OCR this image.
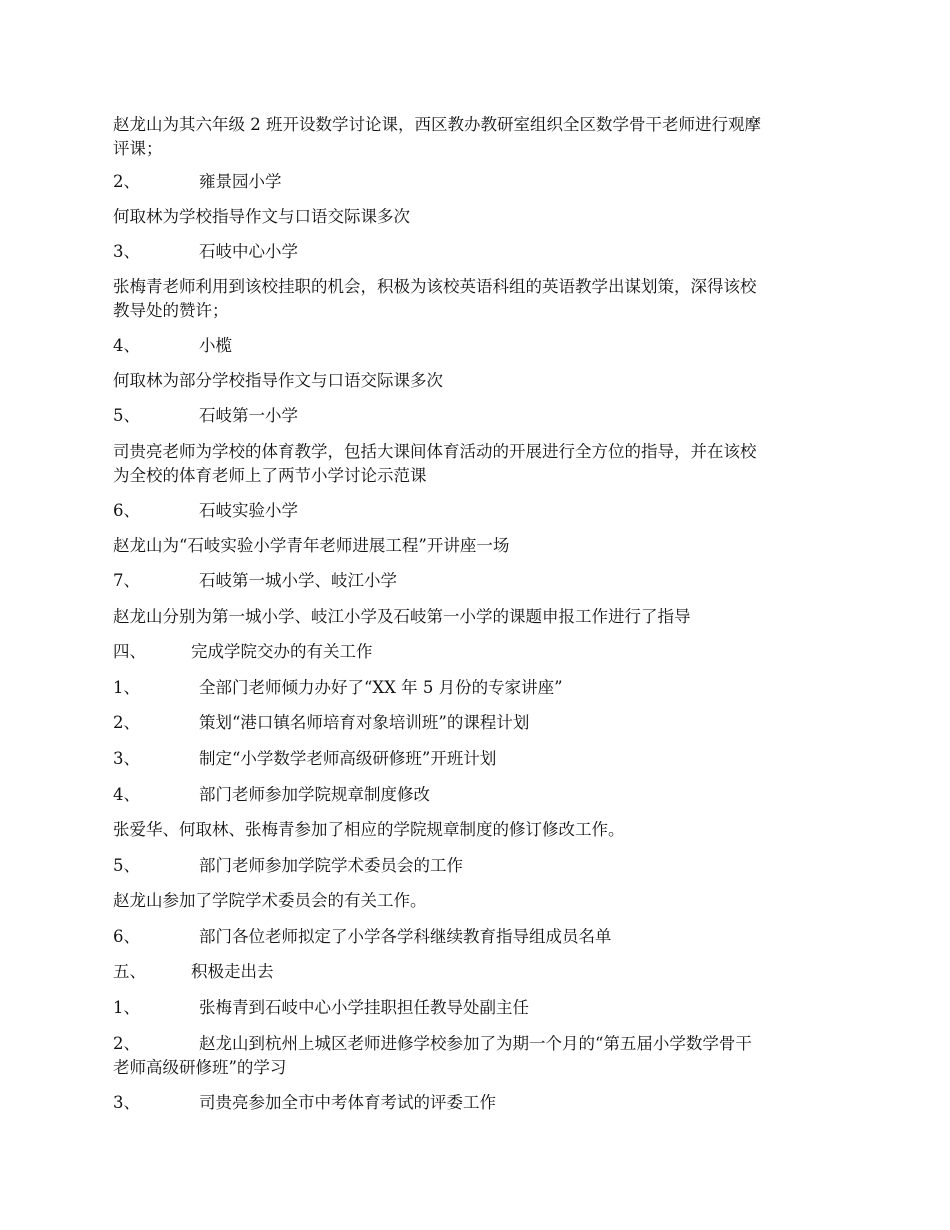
赵龙山为其六年级 2 班开设数学讨论课，西区教办教研室组织全区数学骨干老师进行观摩
评课；
2、	雍景园小学
何取林为学校指导作文与口语交际课多次
3、	石岐中心小学
张梅青老师利用到该校挂职的机会，积极为该校英语科组的英语教学出谋划策，深得该校
教导处的赞许；
4、	小榄
何取林为部分学校指导作文与口语交际课多次
5、	石岐第一小学
司贵亮老师为学校的体育教学，包括大课间体育活动的开展进行全方位的指导，并在该校
为全校的体育老师上了两节小学讨论示范课
6、	石岐实验小学
赵龙山为“石岐实验小学青年老师进展工程”开讲座一场
7、	石岐第一城小学、岐江小学
赵龙山分别为第一城小学、岐江小学及石岐第一小学的课题申报工作进行了指导
四、	完成学院交办的有关工作
1、	全部门老师倾力办好了“XX 年 5 月份的专家讲座”
2、	策划“港口镇名师培育对象培训班”的课程计划
3、	制定“小学数学老师高级研修班”开班计划
4、	部门老师参加学院规章制度修改
张爱华、何取林、张梅青参加了相应的学院规章制度的修订修改工作。
5、	部门老师参加学院学术委员会的工作
赵龙山参加了学院学术委员会的有关工作。
6、	部门各位老师拟定了小学各学科继续教育指导组成员名单
五、	积极走出去
1、	张梅青到石岐中心小学挂职担任教导处副主任
2、	赵龙山到杭州上城区老师进修学校参加了为期一个月的“第五届小学数学骨干
老师高级研修班”的学习
3、	司贵亮参加全市中考体育考试的评委工作
